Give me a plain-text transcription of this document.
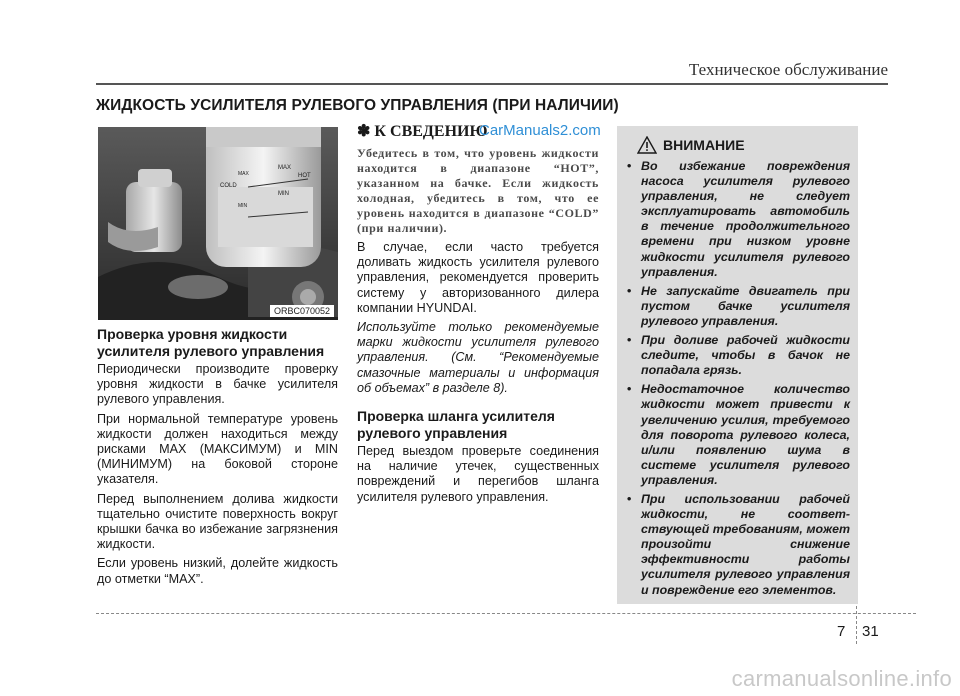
Техническое обслуживание
ЖИДКОСТЬ УСИЛИТЕЛЯ РУЛЕВОГО УПРАВЛЕНИЯ (ПРИ НАЛИЧИИ)
MAX
HOT
COLD
MAX
MIN
MIN
ORBC070052
Проверка уровня жидкости усилителя рулевого управления

Периодически производите проверку уровня жидкости в бачке усилителя рулевого управления.

При нормальной температуре уровень жидкости должен находиться между рисками MAX (МАКСИМУМ) и MIN (МИНИМУМ) на боковой стороне указателя.

Перед выполнением долива жидкости тщательно очистите поверхность вокруг крышки бачка во избежание загрязнения жидкости.

Если уровень низкий, долейте жидкость до отметки “MAX”.

✽ К СВЕДЕНИЮ
CarManuals2.com

Убедитесь в том, что уровень жидкости находится в диапазоне “HOT”, указанном на бачке. Если жидкость холодная, убедитесь в том, что ее уровень находится в диапазоне “COLD” (при наличии).

В случае, если часто требуется доливать жидкость усилителя рулевого управления, рекомендуется проверить систему у авторизованного дилера компании HYUNDAI.

Используйте только рекомендуемые марки жидкости усилителя рулевого управления. (См. “Рекомендуемые смазочные материалы и информация об объемах” в разделе 8).

Проверка шланга усилителя рулевого управления

Перед выездом проверьте соединения на наличие утечек, существенных повреждений и перегибов шланга усилителя рулевого управления.

ВНИМАНИЕ
• Во избежание повреждения насоса усилителя рулевого управления, не следует эксплуатировать автомобиль в течение продолжительного времени при низком уровне жидкости усилителя рулевого управления.
• Не запускайте двигатель при пустом бачке усилителя рулевого управления.
• При доливе рабочей жидкости следите, чтобы в бачок не попадала грязь.
• Недостаточное количество жидкости может привести к увеличению усилия, требуемого для поворота рулевого колеса, и/или появлению шума в системе усилителя рулевого управления.
• При использовании рабочей жидкости, не соответ-ствующей требованиям, может произойти снижение эффективности работы усилителя рулевого управления и повреждение его элементов.
7 31
carmanualsonline.info
